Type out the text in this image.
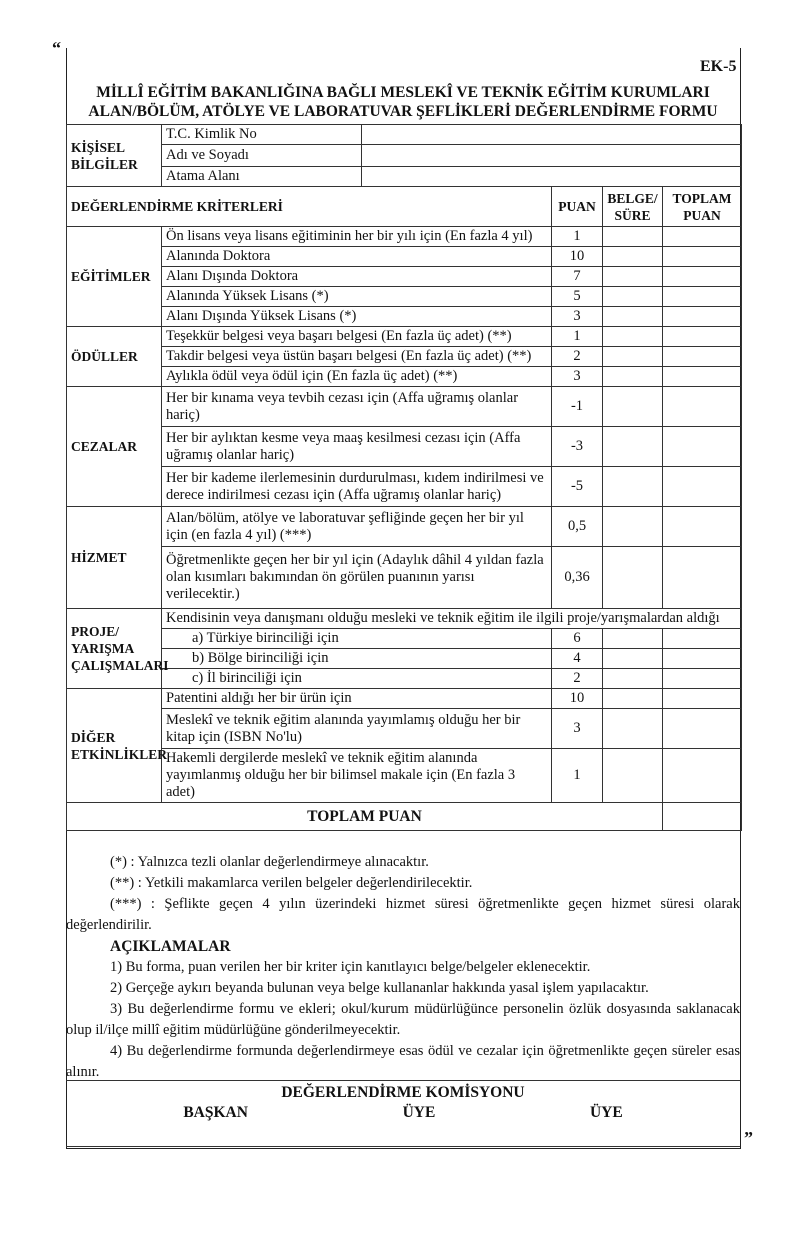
“
”
EK-5
MİLLÎ EĞİTİM BAKANLIĞINA BAĞLI MESLEKÎ VE TEKNİK EĞİTİM KURUMLARI
ALAN/BÖLÜM, ATÖLYE VE LABORATUVAR ŞEFLİKLERİ DEĞERLENDİRME FORMU
KİŞİSEL BİLGİLER	T.C. Kimlik No				
	Adı ve Soyadı				
	Atama Alanı				
DEĞERLENDİRME KRİTERLERİ			PUAN	BELGE/ SÜRE	TOPLAM PUAN
EĞİTİMLER	Ön lisans veya lisans eğitiminin her bir yılı için (En fazla 4 yıl)		1		
	Alanında Doktora		10		
	Alanı Dışında Doktora		7		
	Alanında Yüksek Lisans (*)		5		
	Alanı Dışında Yüksek Lisans (*)		3		
ÖDÜLLER	Teşekkür belgesi veya başarı belgesi (En fazla üç adet) (**)		1		
	Takdir belgesi veya üstün başarı belgesi (En fazla üç adet) (**)		2		
	Aylıkla ödül veya ödül için (En fazla üç adet) (**)		3		
CEZALAR	Her bir kınama veya tevbih cezası için (Affa uğramış olanlar hariç)		-1		
	Her bir aylıktan kesme veya maaş kesilmesi cezası için (Affa uğramış olanlar hariç)		-3		
	Her bir kademe ilerlemesinin durdurulması, kıdem indirilmesi ve derece indirilmesi cezası için (Affa uğramış olanlar hariç)		-5		
HİZMET	Alan/bölüm, atölye ve laboratuvar şefliğinde geçen her bir yıl için (en fazla 4 yıl) (***)		0,5		
	Öğretmenlikte geçen her bir yıl için (Adaylık dâhil 4 yıldan fazla olan kısımları bakımından ön görülen puanının yarısı verilecektir.)		0,36		
PROJE/ YARIŞMA ÇALIŞMALARI	Kendisinin veya danışmanı olduğu mesleki ve teknik eğitim ile ilgili proje/yarışmalardan aldığı				
	a) Türkiye birinciliği için		6		
	b) Bölge birinciliği için		4		
	c) İl birinciliği için		2		
DİĞER ETKİNLİKLER	Patentini aldığı her bir ürün için		10		
	Meslekî ve teknik eğitim alanında yayımlamış olduğu her bir kitap için (ISBN No'lu)		3		
	Hakemli dergilerde meslekî ve teknik eğitim alanında yayımlanmış olduğu her bir bilimsel makale için (En fazla 3 adet)		1		
TOPLAM PUAN					

(*) : Yalnızca tezli olanlar değerlendirmeye alınacaktır.

(**) : Yetkili makamlarca verilen belgeler değerlendirilecektir.

(***) : Şeflikte geçen 4 yılın üzerindeki hizmet süresi öğretmenlikte geçen hizmet süresi olarak değerlendirilir.

AÇIKLAMALAR

1) Bu forma, puan verilen her bir kriter için kanıtlayıcı belge/belgeler eklenecektir.

2) Gerçeğe aykırı beyanda bulunan veya belge kullananlar hakkında yasal işlem yapılacaktır.

3) Bu değerlendirme formu ve ekleri; okul/kurum müdürlüğünce personelin özlük dosyasında saklanacak olup il/ilçe millî eğitim müdürlüğüne gönderilmeyecektir.

4) Bu değerlendirme formunda değerlendirmeye esas ödül ve cezalar için öğretmenlikte geçen süreler esas alınır.

DEĞERLENDİRME KOMİSYONU
BAŞKAN	ÜYE	ÜYE
